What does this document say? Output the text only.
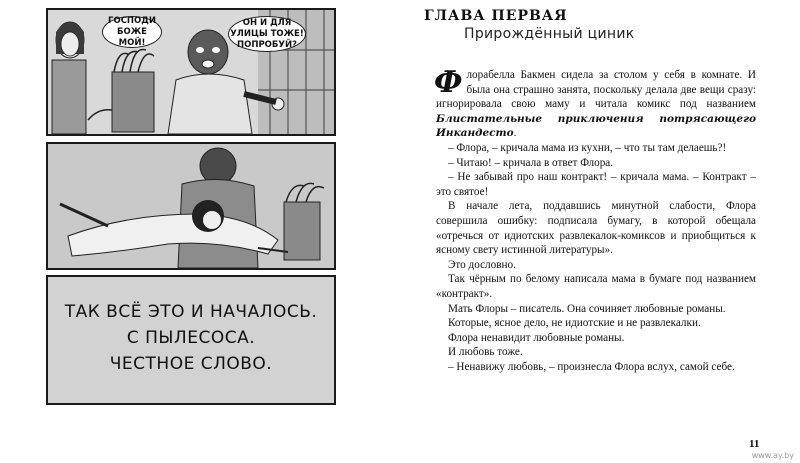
ГОСПОДИ БОЖЕ МОЙ!
ОН И ДЛЯ УЛИЦЫ ТОЖЕ! ПОПРОБУЙ?
ТАК ВСЁ ЭТО И НАЧАЛОСЬ.
С ПЫЛЕСОСА.
ЧЕСТНОЕ СЛОВО.
ГЛАВА ПЕРВАЯ
Прирождённый циник

Флорабелла Бакмен сидела за столом у себя в комнате. И была она страшно занята, поскольку делала две вещи сразу: игнорировала свою маму и читала комикс под названием Блистательные приключения потрясающего Инкандесто.

– Флора, – кричала мама из кухни, – что ты там делаешь?!

– Читаю! – кричала в ответ Флора.

– Не забывай про наш контракт! – кричала мама. – Контракт – это святое!

В начале лета, поддавшись минутной слабости, Флора совершила ошибку: подписала бумагу, в которой обещала «отречься от идиотских развлекалок-комиксов и приобщиться к ясному свету истинной литературы».

Это дословно.

Так чёрным по белому написала мама в бумаге под названием «контракт».

Мать Флоры – писатель. Она сочиняет любовные романы.

Которые, ясное дело, не идиотские и не развлекалки.

Флора ненавидит любовные романы.

И любовь тоже.

– Ненавижу любовь, – произнесла Флора вслух, самой себе.

11
www.ay.by
